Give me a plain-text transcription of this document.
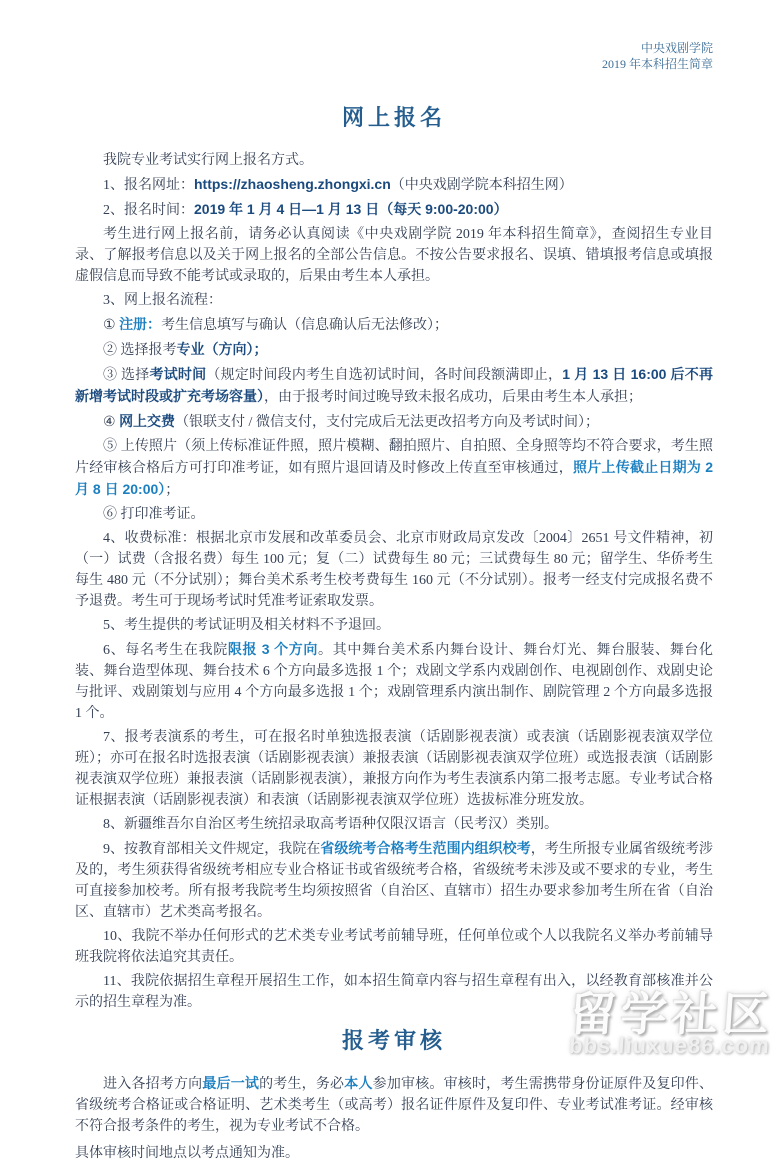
中央戏剧学院
2019 年本科招生简章
网上报名

我院专业考试实行网上报名方式。

1、报名网址：https://zhaosheng.zhongxi.cn（中央戏剧学院本科招生网）

2、报名时间：2019 年 1 月 4 日—1 月 13 日（每天 9:00-20:00）

考生进行网上报名前，请务必认真阅读《中央戏剧学院 2019 年本科招生简章》，查阅招生专业目录、了解报考信息以及关于网上报名的全部公告信息。不按公告要求报名、误填、错填报考信息或填报虚假信息而导致不能考试或录取的，后果由考生本人承担。

3、网上报名流程：

① 注册：考生信息填写与确认（信息确认后无法修改）；

② 选择报考专业（方向）；

③ 选择考试时间（规定时间段内考生自选初试时间，各时间段额满即止，1 月 13 日 16:00 后不再新增考试时段或扩充考场容量），由于报考时间过晚导致未报名成功，后果由考生本人承担；

④ 网上交费（银联支付 / 微信支付，支付完成后无法更改招考方向及考试时间）；

⑤ 上传照片（须上传标准证件照，照片模糊、翻拍照片、自拍照、全身照等均不符合要求，考生照片经审核合格后方可打印准考证，如有照片退回请及时修改上传直至审核通过，照片上传截止日期为 2 月 8 日 20:00）；

⑥ 打印准考证。

4、收费标准：根据北京市发展和改革委员会、北京市财政局京发改〔2004〕2651 号文件精神，初（一）试费（含报名费）每生 100 元；复（二）试费每生 80 元；三试费每生 80 元；留学生、华侨考生每生 480 元（不分试别）；舞台美术系考生校考费每生 160 元（不分试别）。报考一经支付完成报名费不予退费。考生可于现场考试时凭准考证索取发票。

5、考生提供的考试证明及相关材料不予退回。

6、每名考生在我院限报 3 个方向。其中舞台美术系内舞台设计、舞台灯光、舞台服装、舞台化装、舞台造型体现、舞台技术 6 个方向最多选报 1 个；戏剧文学系内戏剧创作、电视剧创作、戏剧史论与批评、戏剧策划与应用 4 个方向最多选报 1 个；戏剧管理系内演出制作、剧院管理 2 个方向最多选报 1 个。

7、报考表演系的考生，可在报名时单独选报表演（话剧影视表演）或表演（话剧影视表演双学位班）；亦可在报名时选报表演（话剧影视表演）兼报表演（话剧影视表演双学位班）或选报表演（话剧影视表演双学位班）兼报表演（话剧影视表演），兼报方向作为考生表演系内第二报考志愿。专业考试合格证根据表演（话剧影视表演）和表演（话剧影视表演双学位班）选拔标准分班发放。

8、新疆维吾尔自治区考生统招录取高考语种仅限汉语言（民考汉）类别。

9、按教育部相关文件规定，我院在省级统考合格考生范围内组织校考，考生所报专业属省级统考涉及的，考生须获得省级统考相应专业合格证书或省级统考合格，省级统考未涉及或不要求的专业，考生可直接参加校考。所有报考我院考生均须按照省（自治区、直辖市）招生办要求参加考生所在省（自治区、直辖市）艺术类高考报名。

10、我院不举办任何形式的艺术类专业考试考前辅导班，任何单位或个人以我院名义举办考前辅导班我院将依法追究其责任。

11、我院依据招生章程开展招生工作，如本招生简章内容与招生章程有出入，以经教育部核准并公示的招生章程为准。

报考审核

进入各招考方向最后一试的考生，务必本人参加审核。审核时，考生需携带身份证原件及复印件、省级统考合格证或合格证明、艺术类考生（或高考）报名证件原件及复印件、专业考试准考证。经审核不符合报考条件的考生，视为专业考试不合格。

具体审核时间地点以考点通知为准。

留学社区
bbs.liuxue86.com
